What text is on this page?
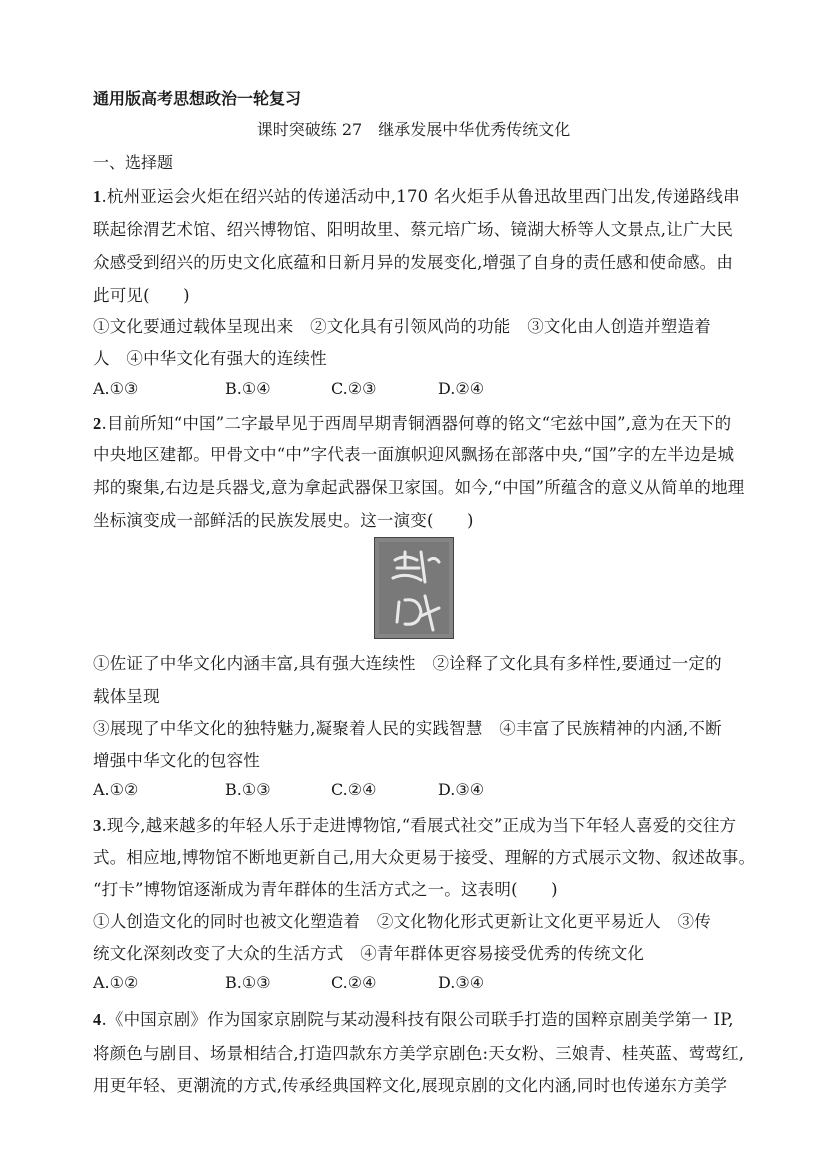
通用版高考思想政治一轮复习
课时突破练 27　继承发展中华优秀传统文化
一、选择题
1.杭州亚运会火炬在绍兴站的传递活动中,170 名火炬手从鲁迅故里西门出发,传递路线串
联起徐渭艺术馆、绍兴博物馆、阳明故里、蔡元培广场、镜湖大桥等人文景点,让广大民
众感受到绍兴的历史文化底蕴和日新月异的发展变化,增强了自身的责任感和使命感。由
此可见(　　)
①文化要通过载体呈现出来　②文化具有引领风尚的功能　③文化由人创造并塑造着
人　④中华文化有强大的连续性
A.①③	B.①④	C.②③	D.②④
2.目前所知“中国”二字最早见于西周早期青铜酒器何尊的铭文“宅兹中国”,意为在天下的
中央地区建都。甲骨文中“中”字代表一面旗帜迎风飘扬在部落中央,“国”字的左半边是城
邦的聚集,右边是兵器戈,意为拿起武器保卫家国。如今,“中国”所蕴含的意义从简单的地理
坐标演变成一部鲜活的民族发展史。这一演变(　　)
①佐证了中华文化内涵丰富,具有强大连续性　②诠释了文化具有多样性,要通过一定的
载体呈现
③展现了中华文化的独特魅力,凝聚着人民的实践智慧　④丰富了民族精神的内涵,不断
增强中华文化的包容性
A.①②	B.①③	C.②④	D.③④
3.现今,越来越多的年轻人乐于走进博物馆,“看展式社交”正成为当下年轻人喜爱的交往方
式。相应地,博物馆不断地更新自己,用大众更易于接受、理解的方式展示文物、叙述故事。
“打卡”博物馆逐渐成为青年群体的生活方式之一。这表明(　　)
①人创造文化的同时也被文化塑造着　②文化物化形式更新让文化更平易近人　③传
统文化深刻改变了大众的生活方式　④青年群体更容易接受优秀的传统文化
A.①②	B.①③	C.②④	D.③④
4.《中国京剧》作为国家京剧院与某动漫科技有限公司联手打造的国粹京剧美学第一 IP,
将颜色与剧目、场景相结合,打造四款东方美学京剧色:天女粉、三娘青、桂英蓝、莺莺红,
用更年轻、更潮流的方式,传承经典国粹文化,展现京剧的文化内涵,同时也传递东方美学
